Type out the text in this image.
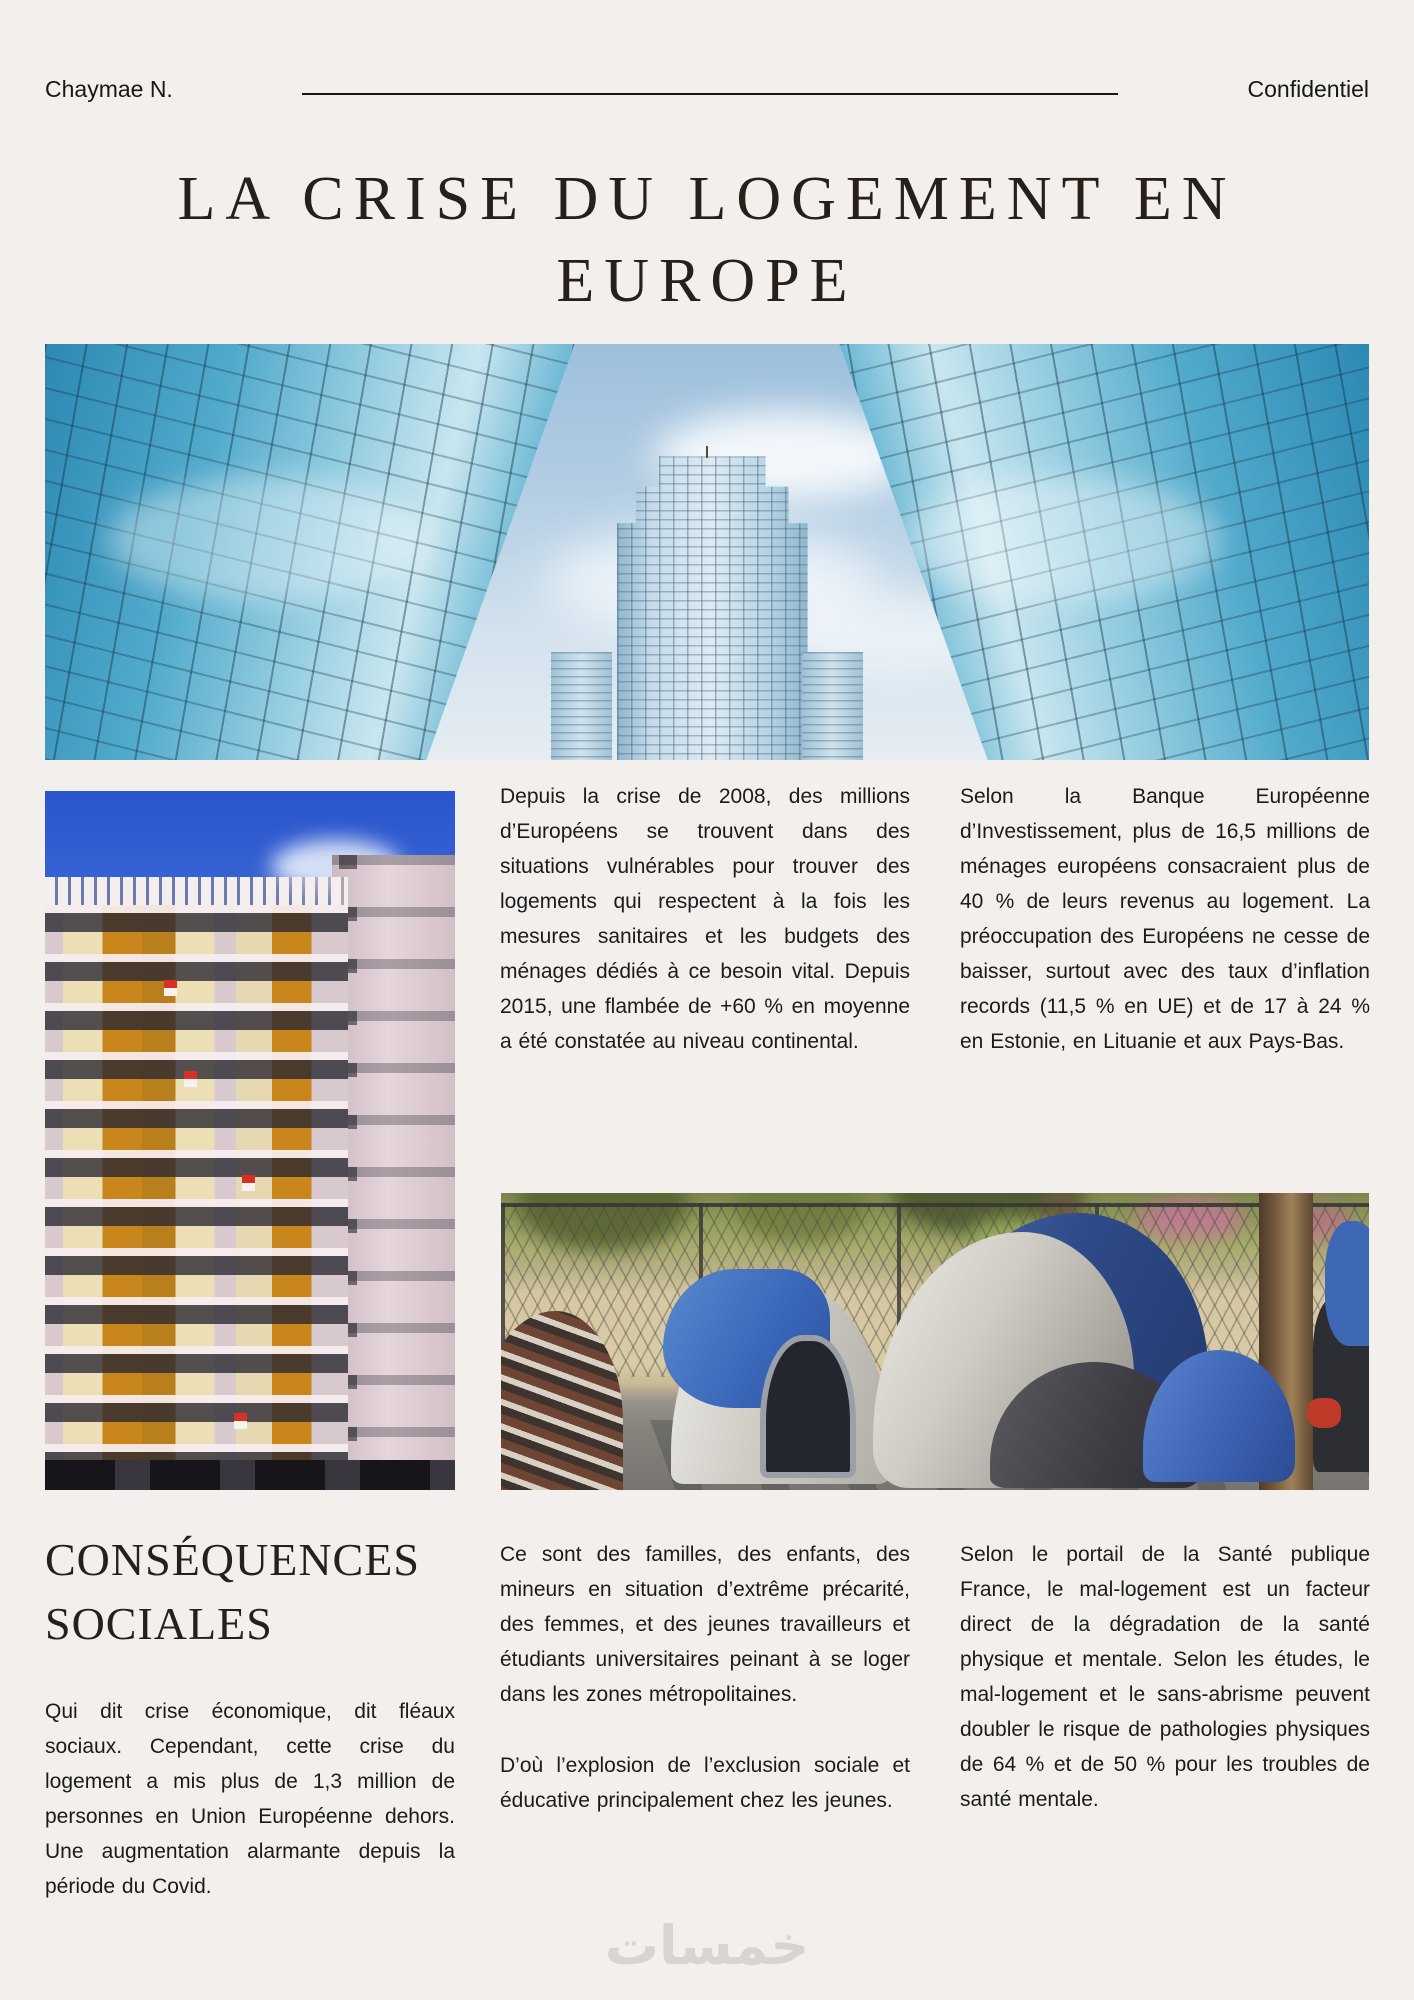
Chaymae N.	Confidentiel
LA CRISE DU LOGEMENT EN
EUROPE

Depuis la crise de 2008, des millions d’Européens se trouvent dans des situations vulnérables pour trouver des logements qui respectent à la fois les mesures sanitaires et les budgets des ménages dédiés à ce besoin vital. Depuis 2015, une flambée de +60 % en moyenne a été constatée au niveau continental.

Selon la Banque Européenne d’Investissement, plus de 16,5 millions de ménages européens consacraient plus de 40 % de leurs revenus au logement. La préoccupation des Européens ne cesse de baisser, surtout avec des taux d’inflation records (11,5 % en UE) et de 17 à 24 % en Estonie, en Lituanie et aux Pays-Bas.

CONSÉQUENCES
SOCIALES

Qui dit crise économique, dit fléaux sociaux. Cependant, cette crise du logement a mis plus de 1,3 million de personnes en Union Européenne dehors. Une augmentation alarmante depuis la période du Covid.

Ce sont des familles, des enfants, des mineurs en situation d’extrême précarité, des femmes, et des jeunes travailleurs et étudiants universitaires peinant à se loger dans les zones métropolitaines.

D’où l’explosion de l’exclusion sociale et éducative principalement chez les jeunes.

Selon le portail de la Santé publique France, le mal-logement est un facteur direct de la dégradation de la santé physique et mentale. Selon les études, le mal-logement et le sans-abrisme peuvent doubler le risque de pathologies physiques de 64 % et de 50 % pour les troubles de santé mentale.

خمسات
